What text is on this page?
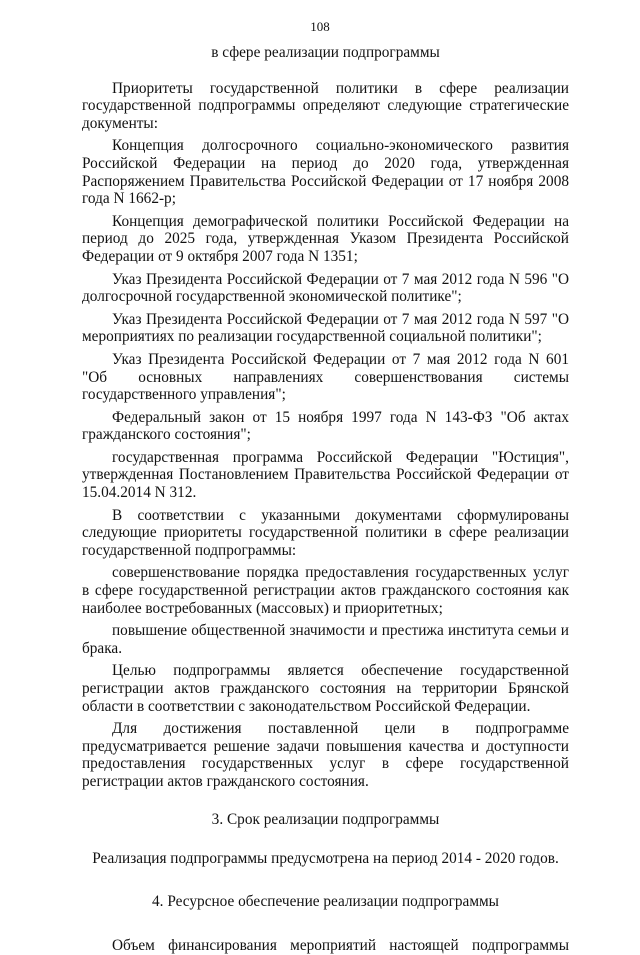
108

в сфере реализации подпрограммы

Приоритеты государственной политики в сфере реализации государственной подпрограммы определяют следующие стратегические документы:

Концепция долгосрочного социально-экономического развития Российской Федерации на период до 2020 года, утвержденная Распоряжением Правительства Российской Федерации от 17 ноября 2008 года N 1662-р;

Концепция демографической политики Российской Федерации на период до 2025 года, утвержденная Указом Президента Российской Федерации от 9 октября 2007 года N 1351;

Указ Президента Российской Федерации от 7 мая 2012 года N 596 "О долгосрочной государственной экономической политике";

Указ Президента Российской Федерации от 7 мая 2012 года N 597 "О мероприятиях по реализации государственной социальной политики";

Указ Президента Российской Федерации от 7 мая 2012 года N 601 "Об основных направлениях совершенствования системы государственного управления";

Федеральный закон от 15 ноября 1997 года N 143-ФЗ "Об актах гражданского состояния";

государственная программа Российской Федерации "Юстиция", утвержденная Постановлением Правительства Российской Федерации от 15.04.2014 N 312.

В соответствии с указанными документами сформулированы следующие приоритеты государственной политики в сфере реализации государственной подпрограммы:

совершенствование порядка предоставления государственных услуг в сфере государственной регистрации актов гражданского состояния как наиболее востребованных (массовых) и приоритетных;

повышение общественной значимости и престижа института семьи и брака.

Целью подпрограммы является обеспечение государственной регистрации актов гражданского состояния на территории Брянской области в соответствии с законодательством Российской Федерации.

Для достижения поставленной цели в подпрограмме предусматривается решение задачи повышения качества и доступности предоставления государственных услуг в сфере государственной регистрации актов гражданского состояния.

3. Срок реализации подпрограммы

Реализация подпрограммы предусмотрена на период 2014 - 2020 годов.

4. Ресурсное обеспечение реализации подпрограммы

Объем финансирования мероприятий настоящей подпрограммы
